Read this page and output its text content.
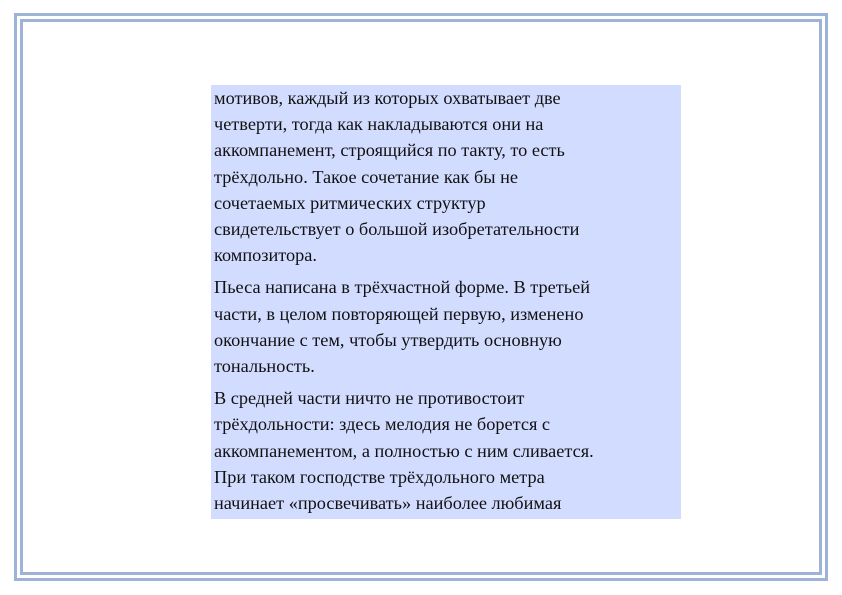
мотивов, каждый из которых охватывает две
четверти, тогда как накладываются они на
аккомпанемент, строящийся по такту, то есть
трёхдольно. Такое сочетание как бы не
сочетаемых ритмических структур
свидетельствует о большой изобретательности
композитора.

Пьеса написана в трёхчастной форме. В третьей
части, в целом повторяющей первую, изменено
окончание с тем, чтобы утвердить основную
тональность.

В средней части ничто не противостоит
трёхдольности: здесь мелодия не борется с
аккомпанементом, а полностью с ним сливается.
При таком господстве трёхдольного метра
начинает «просвечивать» наиболее любимая
